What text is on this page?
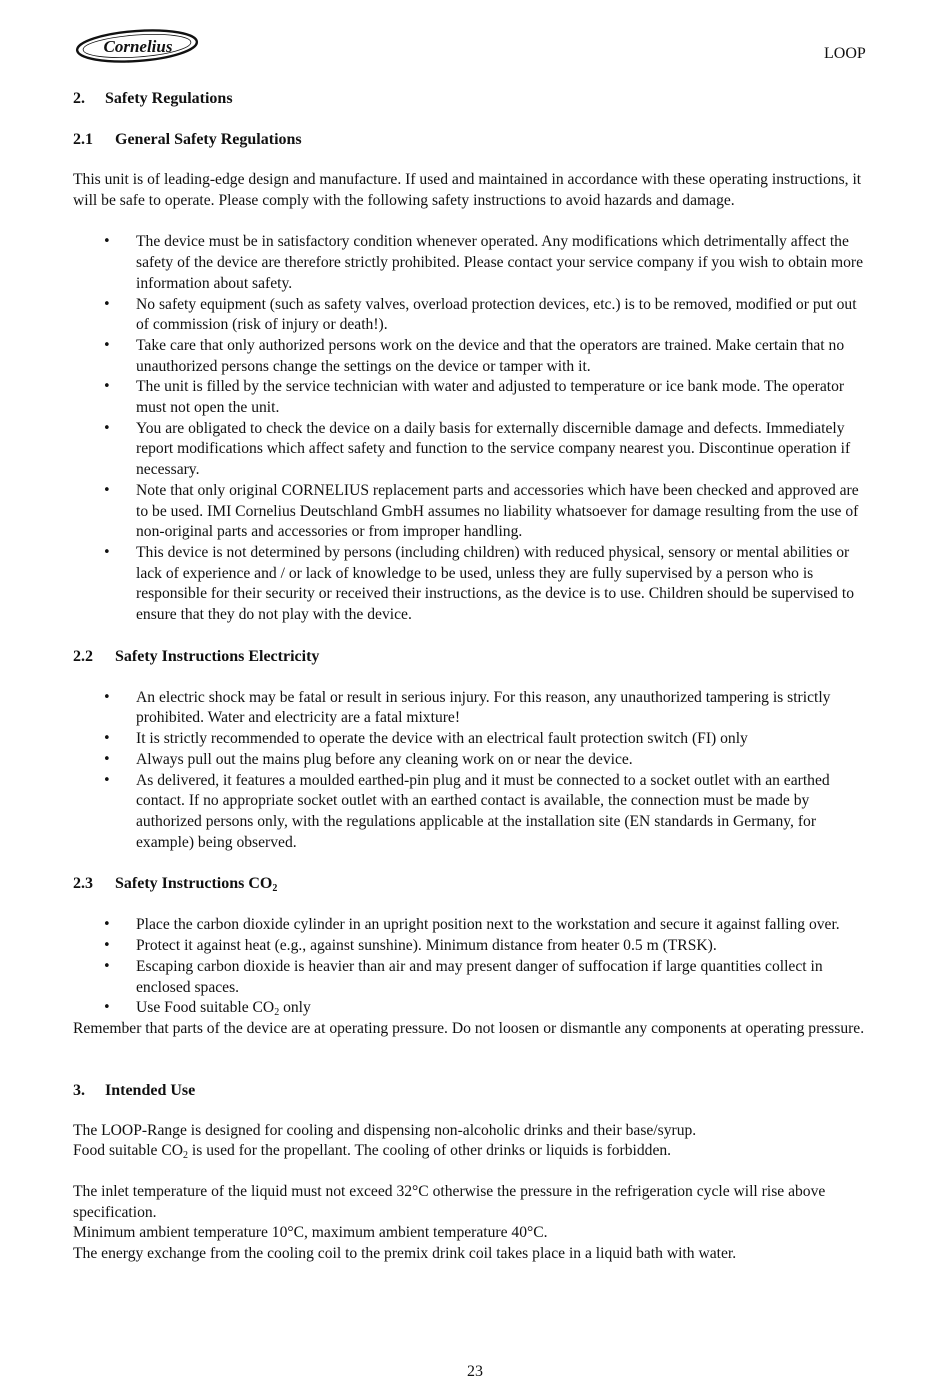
Cornelius	LOOP
2. Safety Regulations
2.1 General Safety Regulations

This unit is of leading-edge design and manufacture. If used and maintained in accordance with these operating instructions, it will be safe to operate. Please comply with the following safety instructions to avoid hazards and damage.

• The device must be in satisfactory condition whenever operated. Any modifications which detrimentally affect the safety of the device are therefore strictly prohibited. Please contact your service company if you wish to obtain more information about safety.
• No safety equipment (such as safety valves, overload protection devices, etc.) is to be removed, modified or put out of commission (risk of injury or death!).
• Take care that only authorized persons work on the device and that the operators are trained. Make certain that no unauthorized persons change the settings on the device or tamper with it.
• The unit is filled by the service technician with water and adjusted to temperature or ice bank mode. The operator must not open the unit.
• You are obligated to check the device on a daily basis for externally discernible damage and defects. Immediately report modifications which affect safety and function to the service company nearest you. Discontinue operation if necessary.
• Note that only original CORNELIUS replacement parts and accessories which have been checked and approved are to be used. IMI Cornelius Deutschland GmbH assumes no liability whatsoever for damage resulting from the use of non-original parts and accessories or from improper handling.
• This device is not determined by persons (including children) with reduced physical, sensory or mental abilities or lack of experience and / or lack of knowledge to be used, unless they are fully supervised by a person who is responsible for their security or received their instructions, as the device is to use. Children should be supervised to ensure that they do not play with the device.
2.2 Safety Instructions Electricity
• An electric shock may be fatal or result in serious injury. For this reason, any unauthorized tampering is strictly prohibited. Water and electricity are a fatal mixture!
• It is strictly recommended to operate the device with an electrical fault protection switch (FI) only
• Always pull out the mains plug before any cleaning work on or near the device.
• As delivered, it features a moulded earthed-pin plug and it must be connected to a socket outlet with an earthed contact. If no appropriate socket outlet with an earthed contact is available, the connection must be made by authorized persons only, with the regulations applicable at the installation site (EN standards in Germany, for example) being observed.
2.3 Safety Instructions $CO_2$
• Place the carbon dioxide cylinder in an upright position next to the workstation and secure it against falling over.
• Protect it against heat (e.g., against sunshine). Minimum distance from heater 0.5 m (TRSK).
• Escaping carbon dioxide is heavier than air and may present danger of suffocation if large quantities collect in enclosed spaces.
• Use Food suitable $CO_2$ only

Remember that parts of the device are at operating pressure. Do not loosen or dismantle any components at operating pressure.

3. Intended Use

The LOOP-Range is designed for cooling and dispensing non-alcoholic drinks and their base/syrup.

Food suitable $CO_2$ is used for the propellant. The cooling of other drinks or liquids is forbidden.

The inlet temperature of the liquid must not exceed 32°C otherwise the pressure in the refrigeration cycle will rise above specification.

Minimum ambient temperature 10°C, maximum ambient temperature 40°C.

The energy exchange from the cooling coil to the premix drink coil takes place in a liquid bath with water.

23
